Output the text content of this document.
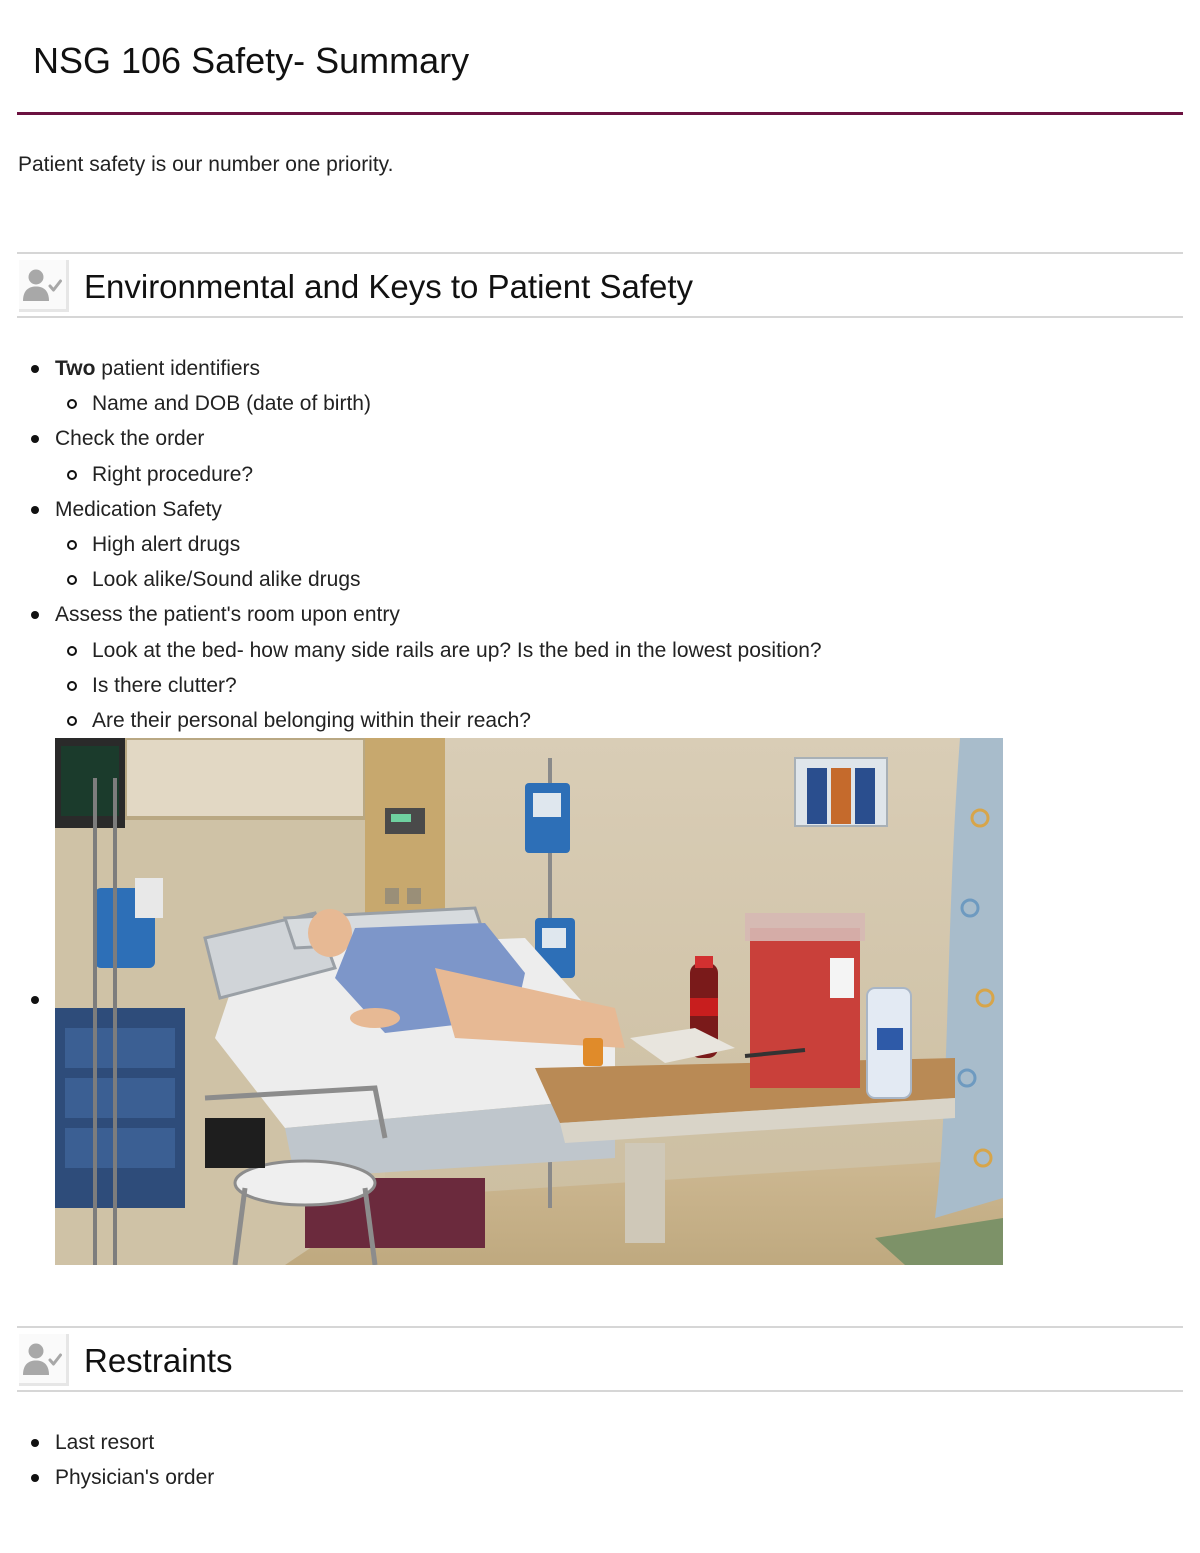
NSG 106 Safety- Summary

Patient safety is our number one priority.

Environmental and Keys to Patient Safety
Two patient identifiers
Name and DOB (date of birth)
Check the order
Right procedure?
Medication Safety
High alert drugs
Look alike/Sound alike drugs
Assess the patient's room upon entry
Look at the bed- how many side rails are up? Is the bed in the lowest position?
Is there clutter?
Are their personal belonging within their reach?
Restraints
Last resort
Physician's order
